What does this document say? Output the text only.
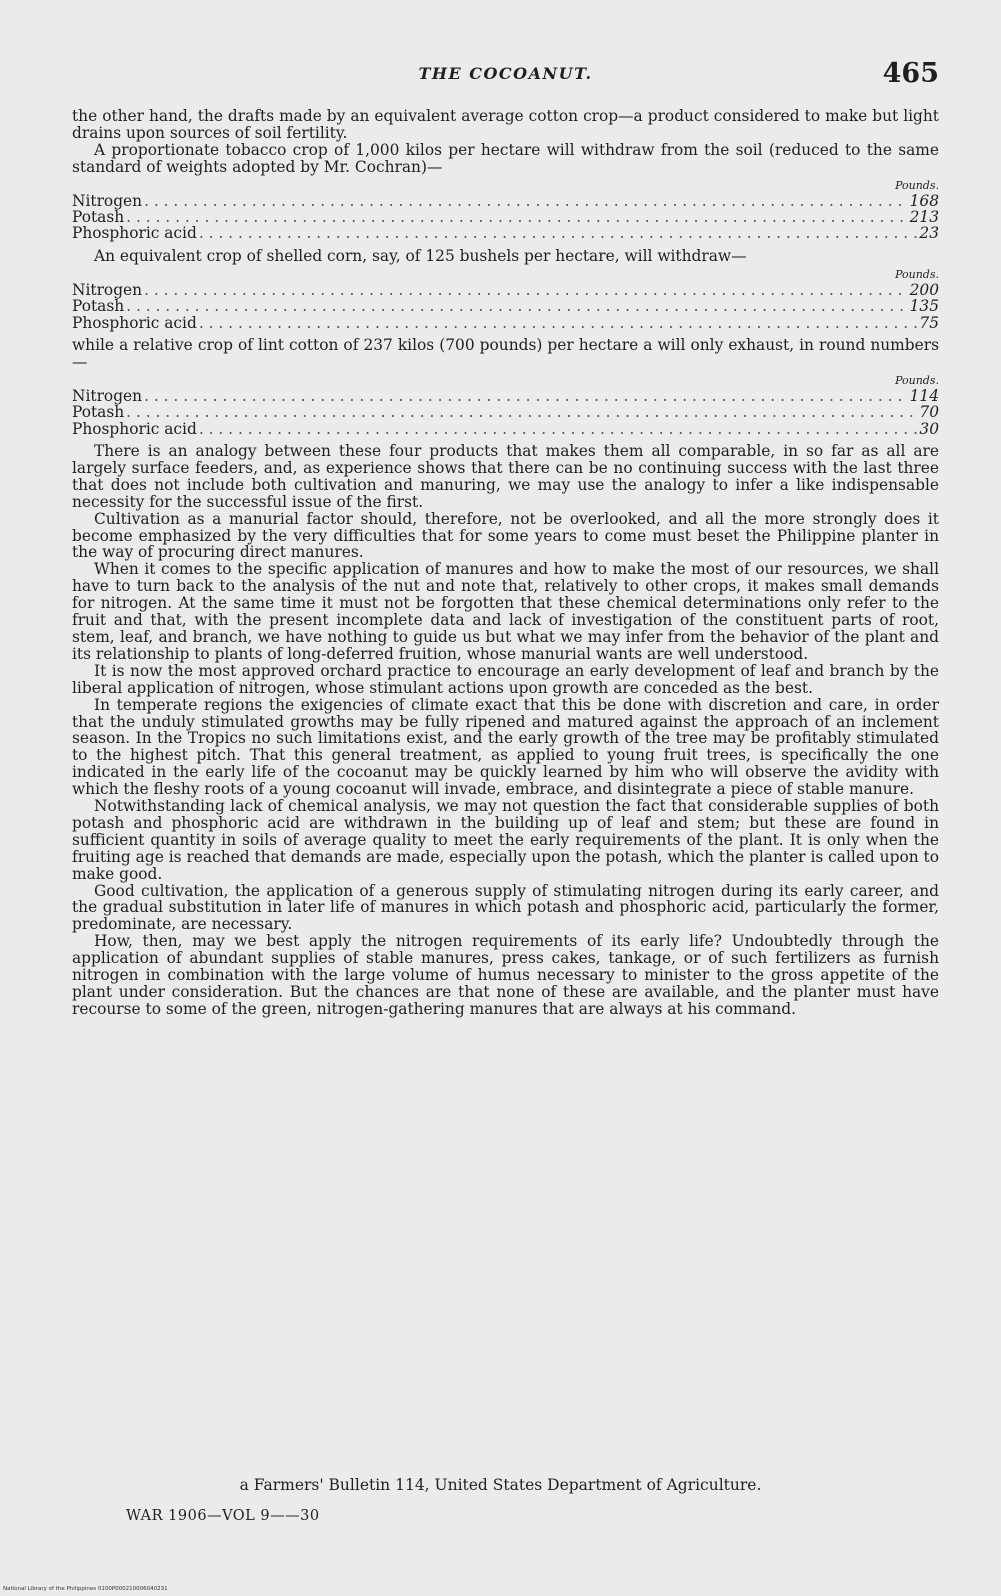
THE COCOANUT.	465

the other hand, the drafts made by an equivalent average cotton crop—a product considered to make but light drains upon sources of soil fertility.

A proportionate tobacco crop of 1,000 kilos per hectare will withdraw from the soil (reduced to the same standard of weights adopted by Mr. Cochran)—

Pounds.
Nitrogen . . .	168
Potash . . .	213
Phosphoric acid . . .	23

An equivalent crop of shelled corn, say, of 125 bushels per hectare, will withdraw—

Pounds.
Nitrogen . . .	200
Potash . . .	135
Phosphoric acid . . .	75

while a relative crop of lint cotton of 237 kilos (700 pounds) per hectare a will only exhaust, in round numbers—

Pounds.
Nitrogen . . .	114
Potash . . .	70
Phosphoric acid . . .	30

There is an analogy between these four products that makes them all comparable, in so far as all are largely surface feeders, and, as experience shows that there can be no continuing success with the last three that does not include both cultivation and manuring, we may use the analogy to infer a like indispensable necessity for the successful issue of the first.

Cultivation as a manurial factor should, therefore, not be overlooked, and all the more strongly does it become emphasized by the very difficulties that for some years to come must beset the Philippine planter in the way of procuring direct manures.

When it comes to the specific application of manures and how to make the most of our resources, we shall have to turn back to the analysis of the nut and note that, relatively to other crops, it makes small demands for nitrogen. At the same time it must not be forgotten that these chemical determinations only refer to the fruit and that, with the present incomplete data and lack of investigation of the constituent parts of root, stem, leaf, and branch, we have nothing to guide us but what we may infer from the behavior of the plant and its relationship to plants of long-deferred fruition, whose manurial wants are well understood.

It is now the most approved orchard practice to encourage an early development of leaf and branch by the liberal application of nitrogen, whose stimulant actions upon growth are conceded as the best.

In temperate regions the exigencies of climate exact that this be done with discretion and care, in order that the unduly stimulated growths may be fully ripened and matured against the approach of an inclement season. In the Tropics no such limitations exist, and the early growth of the tree may be profitably stimulated to the highest pitch. That this general treatment, as applied to young fruit trees, is specifically the one indicated in the early life of the cocoanut may be quickly learned by him who will observe the avidity with which the fleshy roots of a young cocoanut will invade, embrace, and disintegrate a piece of stable manure.

Notwithstanding lack of chemical analysis, we may not question the fact that considerable supplies of both potash and phosphoric acid are withdrawn in the building up of leaf and stem; but these are found in sufficient quantity in soils of average quality to meet the early requirements of the plant. It is only when the fruiting age is reached that demands are made, especially upon the potash, which the planter is called upon to make good.

Good cultivation, the application of a generous supply of stimulating nitrogen during its early career, and the gradual substitution in later life of manures in which potash and phosphoric acid, particularly the former, predominate, are necessary.

How, then, may we best apply the nitrogen requirements of its early life? Undoubtedly through the application of abundant supplies of stable manures, press cakes, tankage, or of such fertilizers as furnish nitrogen in combination with the large volume of humus necessary to minister to the gross appetite of the plant under consideration. But the chances are that none of these are available, and the planter must have recourse to some of the green, nitrogen-gathering manures that are always at his command.

a Farmers' Bulletin 114, United States Department of Agriculture.
WAR 1906—VOL 9——30
National Library of the Philippines 0100P000210006040231
